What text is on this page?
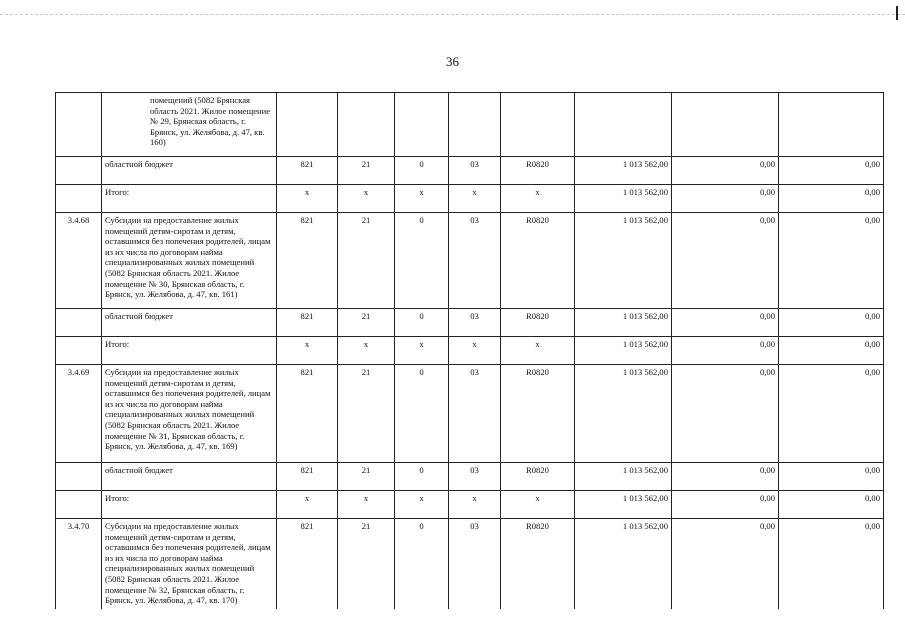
36
	помещений (5082 Брянская область 2021. Жилое помещение № 29, Брянская область, г. Брянск, ул. Желябова, д. 47, кв. 160)								
	областной бюджет	821	21	0	03	R0820	1 013 562,00	0,00	0,00
	Итого:	х	х	х	х	х	1 013 562,00	0,00	0,00
3.4.68	Субсидии на предоставление жилых помещений детям-сиротам и детям, оставшимся без попечения родителей, лицам из их числа по договорам найма специализированных жилых помещений (5082 Брянская область 2021. Жилое помещение № 30, Брянская область, г. Брянск, ул. Желябова, д. 47, кв. 161)	821	21	0	03	R0820	1 013 562,00	0,00	0,00
	областной бюджет	821	21	0	03	R0820	1 013 562,00	0,00	0,00
	Итого:	х	х	х	х	х	1 013 562,00	0,00	0,00
3.4.69	Субсидии на предоставление жилых помещений детям-сиротам и детям, оставшимся без попечения родителей, лицам из их числа по договорам найма специализированных жилых помещений (5082 Брянская область 2021. Жилое помещение № 31, Брянская область, г. Брянск, ул. Желябова, д. 47, кв. 169)	821	21	0	03	R0820	1 013 562,00	0,00	0,00
	областной бюджет	821	21	0	03	R0820	1 013 562,00	0,00	0,00
	Итого:	х	х	х	х	х	1 013 562,00	0,00	0,00
3.4.70	Субсидии на предоставление жилых помещений детям-сиротам и детям, оставшимся без попечения родителей, лицам из их числа по договорам найма специализированных жилых помещений (5082 Брянская область 2021. Жилое помещение № 32, Брянская область, г. Брянск, ул. Желябова, д. 47, кв. 170)	821	21	0	03	R0820	1 013 562,00	0,00	0,00
